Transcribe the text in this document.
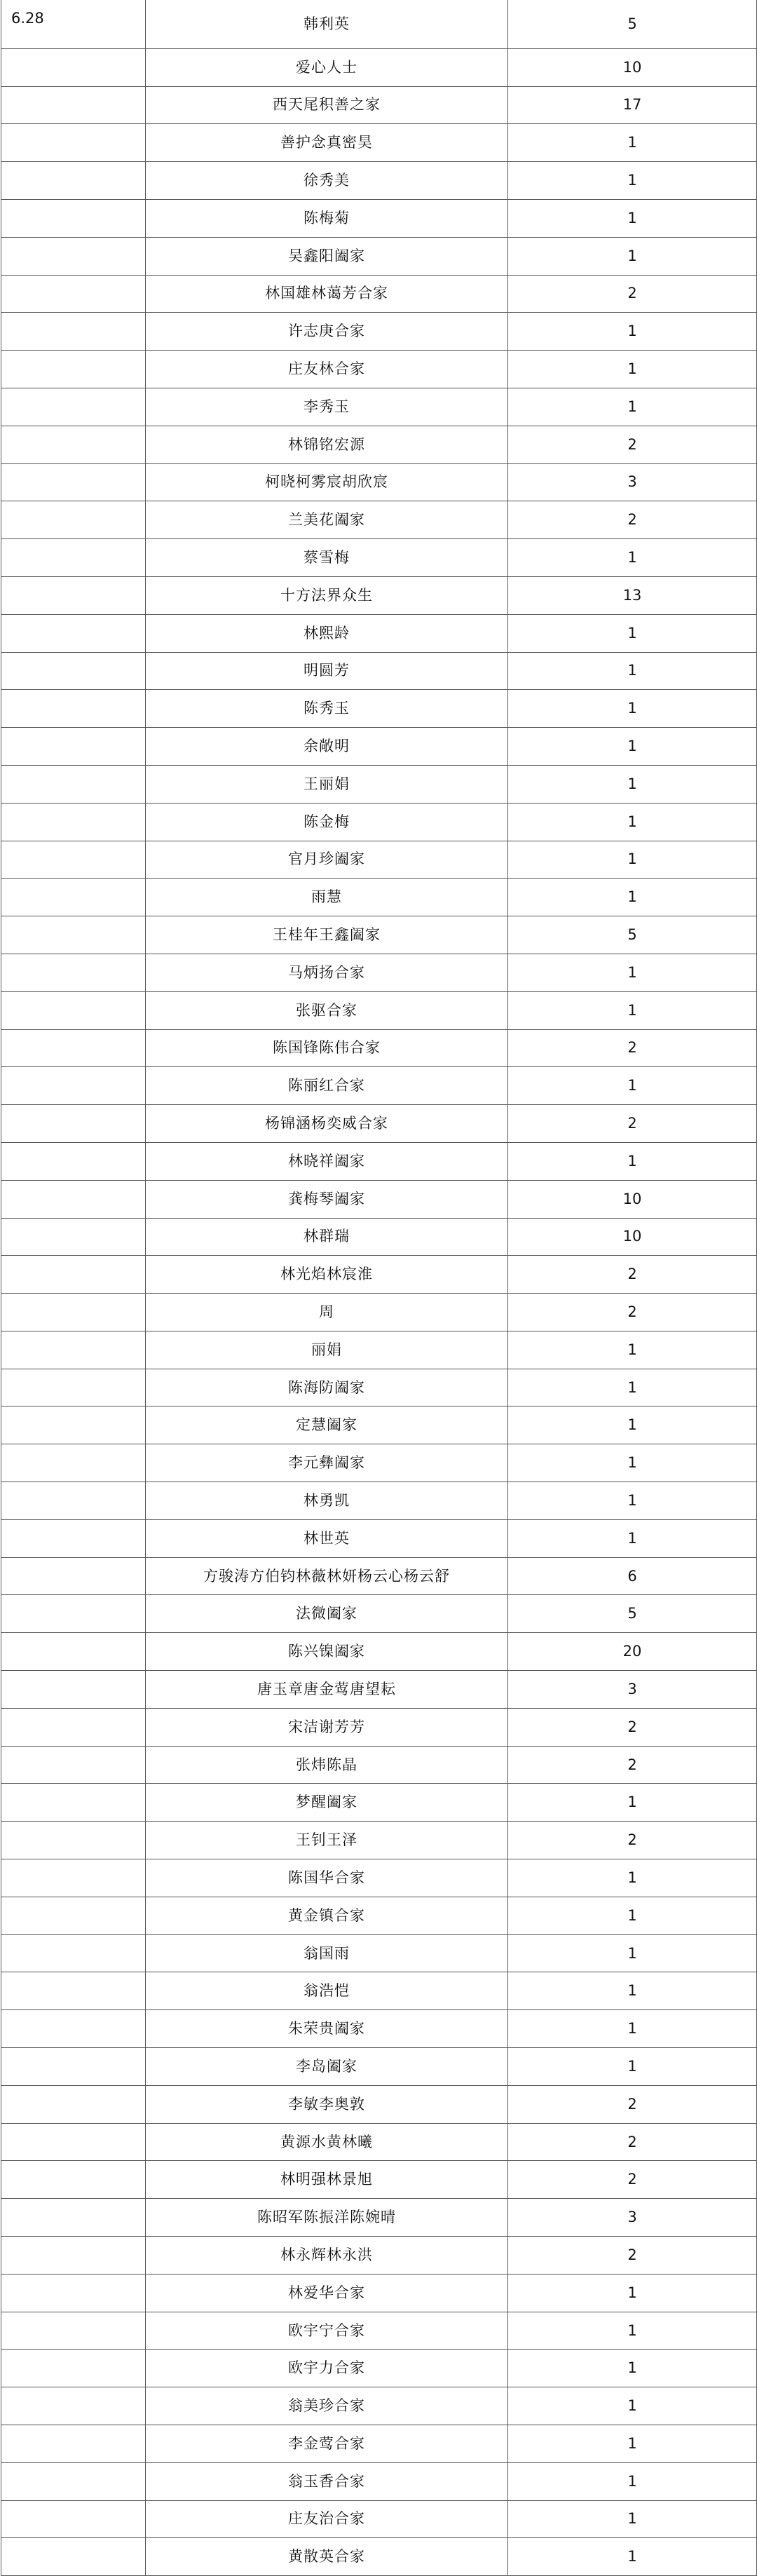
6.28	韩利英	5
	爱心人士	10
	西天尾积善之家	17
	善护念真密昊	1
	徐秀美	1
	陈梅菊	1
	吴鑫阳阖家	1
	林国雄林蔼芳合家	2
	许志庚合家	1
	庄友林合家	1
	李秀玉	1
	林锦铭宏源	2
	柯晓柯雾宸胡欣宸	3
	兰美花阖家	2
	蔡雪梅	1
	十方法界众生	13
	林熙龄	1
	明圆芳	1
	陈秀玉	1
	余敞明	1
	王丽娟	1
	陈金梅	1
	官月珍阖家	1
	雨慧	1
	王桂年王鑫阖家	5
	马炳扬合家	1
	张驱合家	1
	陈国锋陈伟合家	2
	陈丽红合家	1
	杨锦涵杨奕威合家	2
	林晓祥阖家	1
	龚梅琴阖家	10
	林群瑞	10
	林光焰林宸淮	2
	周	2
	丽娟	1
	陈海防阖家	1
	定慧阖家	1
	李元彝阖家	1
	林勇凯	1
	林世英	1
	方骏涛方伯钧林薇林妍杨云心杨云舒	6
	法微阖家	5
	陈兴镍阖家	20
	唐玉章唐金莺唐望耘	3
	宋洁谢芳芳	2
	张炜陈晶	2
	梦醒阖家	1
	王钊王泽	2
	陈国华合家	1
	黄金镇合家	1
	翁国雨	1
	翁浩恺	1
	朱荣贵阖家	1
	李岛阖家	1
	李敏李奥敦	2
	黄源水黄林曦	2
	林明强林景旭	2
	陈昭军陈振洋陈婉晴	3
	林永辉林永洪	2
	林爱华合家	1
	欧宇宁合家	1
	欧宇力合家	1
	翁美珍合家	1
	李金莺合家	1
	翁玉香合家	1
	庄友治合家	1
	黄散英合家	1
